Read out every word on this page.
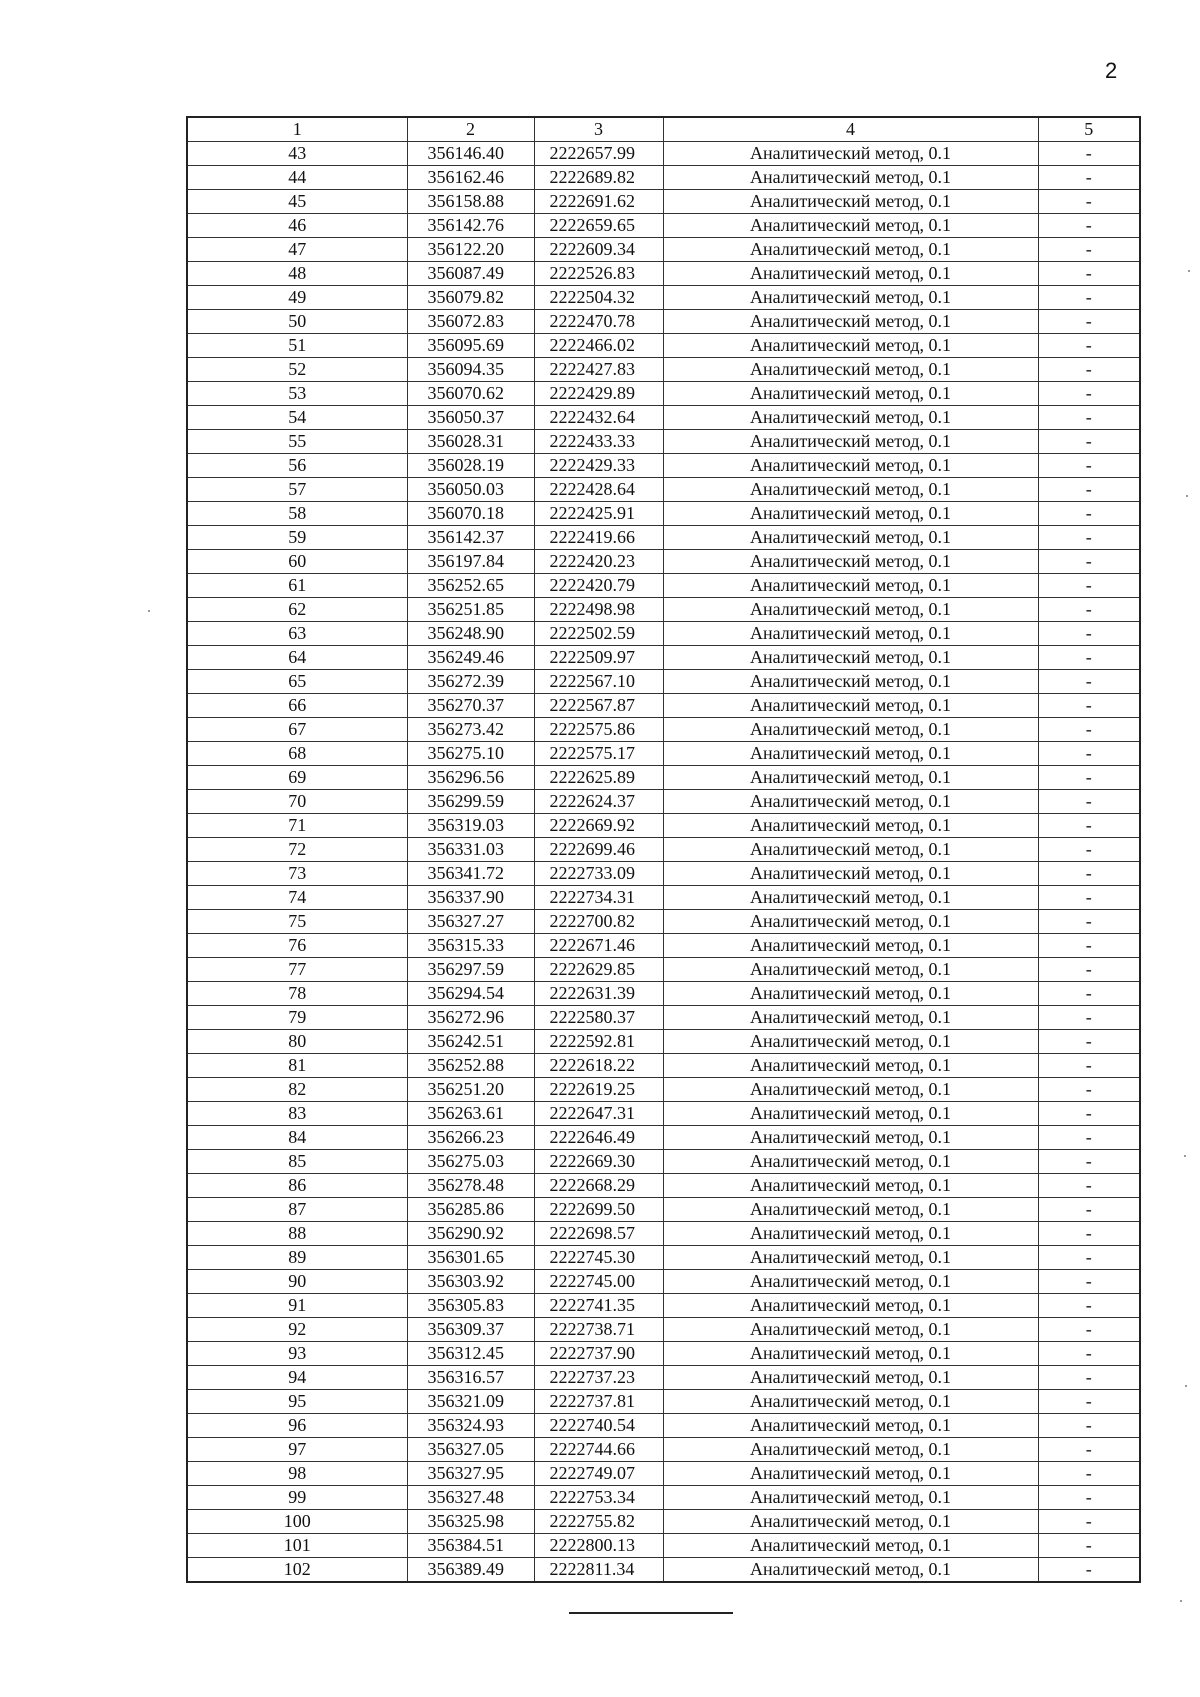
2
1	2	3	4	5
43	356146.40	2222657.99	Аналитический метод, 0.1	-
44	356162.46	2222689.82	Аналитический метод, 0.1	-
45	356158.88	2222691.62	Аналитический метод, 0.1	-
46	356142.76	2222659.65	Аналитический метод, 0.1	-
47	356122.20	2222609.34	Аналитический метод, 0.1	-
48	356087.49	2222526.83	Аналитический метод, 0.1	-
49	356079.82	2222504.32	Аналитический метод, 0.1	-
50	356072.83	2222470.78	Аналитический метод, 0.1	-
51	356095.69	2222466.02	Аналитический метод, 0.1	-
52	356094.35	2222427.83	Аналитический метод, 0.1	-
53	356070.62	2222429.89	Аналитический метод, 0.1	-
54	356050.37	2222432.64	Аналитический метод, 0.1	-
55	356028.31	2222433.33	Аналитический метод, 0.1	-
56	356028.19	2222429.33	Аналитический метод, 0.1	-
57	356050.03	2222428.64	Аналитический метод, 0.1	-
58	356070.18	2222425.91	Аналитический метод, 0.1	-
59	356142.37	2222419.66	Аналитический метод, 0.1	-
60	356197.84	2222420.23	Аналитический метод, 0.1	-
61	356252.65	2222420.79	Аналитический метод, 0.1	-
62	356251.85	2222498.98	Аналитический метод, 0.1	-
63	356248.90	2222502.59	Аналитический метод, 0.1	-
64	356249.46	2222509.97	Аналитический метод, 0.1	-
65	356272.39	2222567.10	Аналитический метод, 0.1	-
66	356270.37	2222567.87	Аналитический метод, 0.1	-
67	356273.42	2222575.86	Аналитический метод, 0.1	-
68	356275.10	2222575.17	Аналитический метод, 0.1	-
69	356296.56	2222625.89	Аналитический метод, 0.1	-
70	356299.59	2222624.37	Аналитический метод, 0.1	-
71	356319.03	2222669.92	Аналитический метод, 0.1	-
72	356331.03	2222699.46	Аналитический метод, 0.1	-
73	356341.72	2222733.09	Аналитический метод, 0.1	-
74	356337.90	2222734.31	Аналитический метод, 0.1	-
75	356327.27	2222700.82	Аналитический метод, 0.1	-
76	356315.33	2222671.46	Аналитический метод, 0.1	-
77	356297.59	2222629.85	Аналитический метод, 0.1	-
78	356294.54	2222631.39	Аналитический метод, 0.1	-
79	356272.96	2222580.37	Аналитический метод, 0.1	-
80	356242.51	2222592.81	Аналитический метод, 0.1	-
81	356252.88	2222618.22	Аналитический метод, 0.1	-
82	356251.20	2222619.25	Аналитический метод, 0.1	-
83	356263.61	2222647.31	Аналитический метод, 0.1	-
84	356266.23	2222646.49	Аналитический метод, 0.1	-
85	356275.03	2222669.30	Аналитический метод, 0.1	-
86	356278.48	2222668.29	Аналитический метод, 0.1	-
87	356285.86	2222699.50	Аналитический метод, 0.1	-
88	356290.92	2222698.57	Аналитический метод, 0.1	-
89	356301.65	2222745.30	Аналитический метод, 0.1	-
90	356303.92	2222745.00	Аналитический метод, 0.1	-
91	356305.83	2222741.35	Аналитический метод, 0.1	-
92	356309.37	2222738.71	Аналитический метод, 0.1	-
93	356312.45	2222737.90	Аналитический метод, 0.1	-
94	356316.57	2222737.23	Аналитический метод, 0.1	-
95	356321.09	2222737.81	Аналитический метод, 0.1	-
96	356324.93	2222740.54	Аналитический метод, 0.1	-
97	356327.05	2222744.66	Аналитический метод, 0.1	-
98	356327.95	2222749.07	Аналитический метод, 0.1	-
99	356327.48	2222753.34	Аналитический метод, 0.1	-
100	356325.98	2222755.82	Аналитический метод, 0.1	-
101	356384.51	2222800.13	Аналитический метод, 0.1	-
102	356389.49	2222811.34	Аналитический метод, 0.1	-
